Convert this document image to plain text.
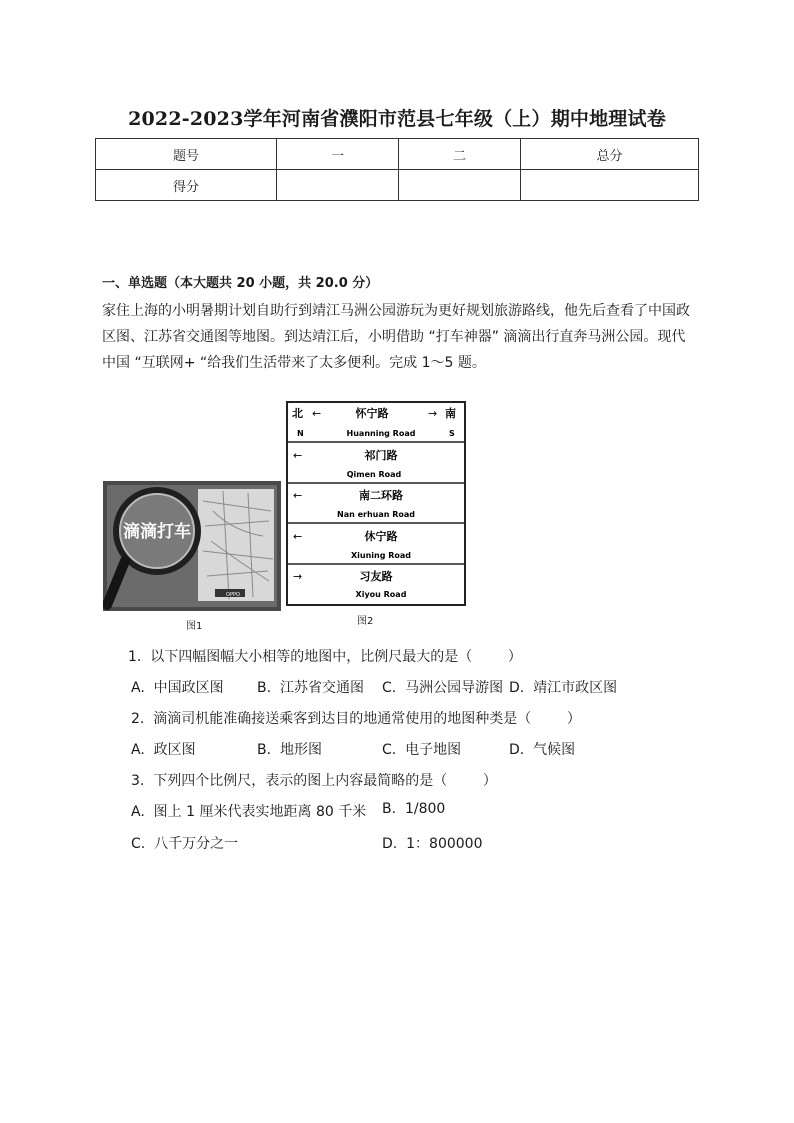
2022-2023学年河南省濮阳市范县七年级（上）期中地理试卷
题号	一	二	总分
得分			
一、单选题（本大题共 20 小题，共 20.0 分）
家住上海的小明暑期计划自助行到靖江马洲公园游玩为更好规划旅游路线，他先后查看了中国政
区图、江苏省交通图等地图。到达靖江后，小明借助 “打车神器” 滴滴出行直奔马洲公园。现代
中国 “互联网+ “给我们生活带来了太多便利。完成 1～5 题。
滴滴打车
OPPO
图1
北 ←	怀宁路	→ 南
N	Huanning Road	S
←	祁门路
Qimen Road
←	南二环路
Nan erhuan Road
←	休宁路
Xiuning Road
→	习友路
Xiyou Road
图2
1.  以下四幅图幅大小相等的地图中，比例尺最大的是（        ）
A.  中国政区图 B.  江苏省交通图 C.  马洲公园导游图 D.  靖江市政区图
2.  滴滴司机能准确接送乘客到达目的地通常使用的地图种类是（        ）
A.  政区图	B.  地形图	C.  电子地图	D.  气候图
3.  下列四个比例尺，表示的图上内容最简略的是（        ）
A.  图上 1 厘米代表实地距离 80 千米 B.  1/800
C.  八千万分之一	D.  1：800000
